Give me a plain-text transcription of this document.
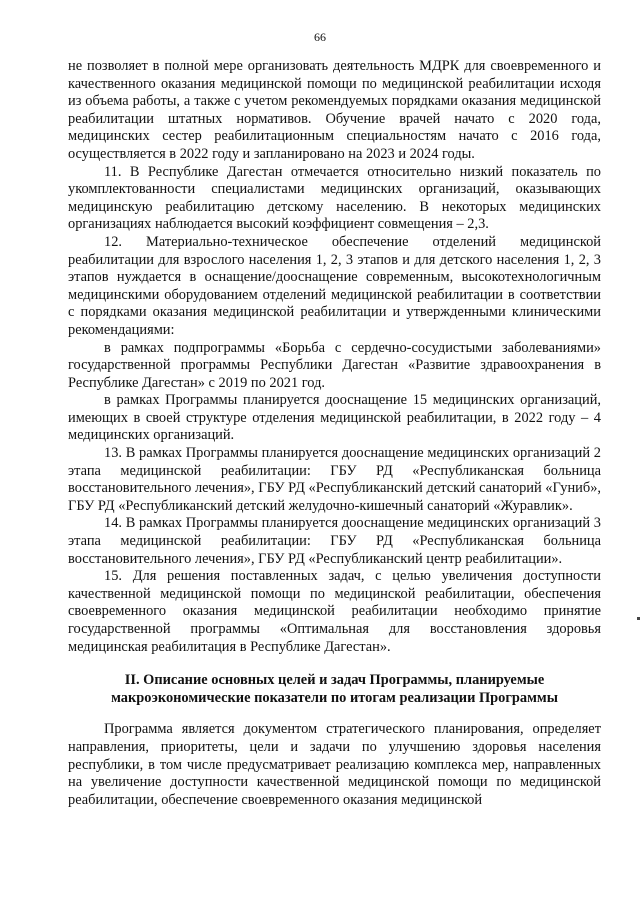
66

не позволяет в полной мере организовать деятельность МДРК для своевременного и качественного оказания медицинской помощи по медицинской реабилитации исходя из объема работы, а также с учетом рекомендуемых порядками оказания медицинской реабилитации штатных нормативов. Обучение врачей начато с 2020 года, медицинских сестер реабилитационным специальностям начато с 2016 года, осуществляется в 2022 году и запланировано на 2023 и 2024 годы.

11. В Республике Дагестан отмечается относительно низкий показатель по укомплектованности специалистами медицинских организаций, оказывающих медицинскую реабилитацию детскому населению. В некоторых медицинских организациях наблюдается высокий коэффициент совмещения – 2,3.

12. Материально-техническое обеспечение отделений медицинской реабилитации для взрослого населения 1, 2, 3 этапов и для детского населения 1, 2, 3 этапов нуждается в оснащение/дооснащение современным, высокотехнологичным медицинскими оборудованием отделений медицинской реабилитации в соответствии с порядками оказания медицинской реабилитации и утвержденными клиническими рекомендациями:

в рамках подпрограммы «Борьба с сердечно-сосудистыми заболеваниями» государственной программы Республики Дагестан «Развитие здравоохранения в Республике Дагестан» с 2019 по 2021 год.

в рамках Программы планируется дооснащение 15 медицинских организаций, имеющих в своей структуре отделения медицинской реабилитации, в 2022 году – 4 медицинских организаций.

13. В рамках Программы планируется дооснащение медицинских организаций 2 этапа медицинской реабилитации: ГБУ РД «Республиканская больница восстановительного лечения», ГБУ РД «Республиканский детский санаторий «Гуниб», ГБУ РД «Республиканский детский желудочно-кишечный санаторий «Журавлик».

14. В рамках Программы планируется дооснащение медицинских организаций 3 этапа медицинской реабилитации: ГБУ РД «Республиканская больница восстановительного лечения», ГБУ РД «Республиканский центр реабилитации».

15. Для решения поставленных задач, с целью увеличения доступности качественной медицинской помощи по медицинской реабилитации, обеспечения своевременного оказания медицинской реабилитации необходимо принятие государственной программы «Оптимальная для восстановления здоровья медицинская реабилитация в Республике Дагестан».

II. Описание основных целей и задач Программы, планируемые макроэкономические показатели по итогам реализации Программы

Программа является документом стратегического планирования, определяет направления, приоритеты, цели и задачи по улучшению здоровья населения республики, в том числе предусматривает реализацию комплекса мер, направленных на увеличение доступности качественной медицинской помощи по медицинской реабилитации, обеспечение своевременного оказания медицинской
